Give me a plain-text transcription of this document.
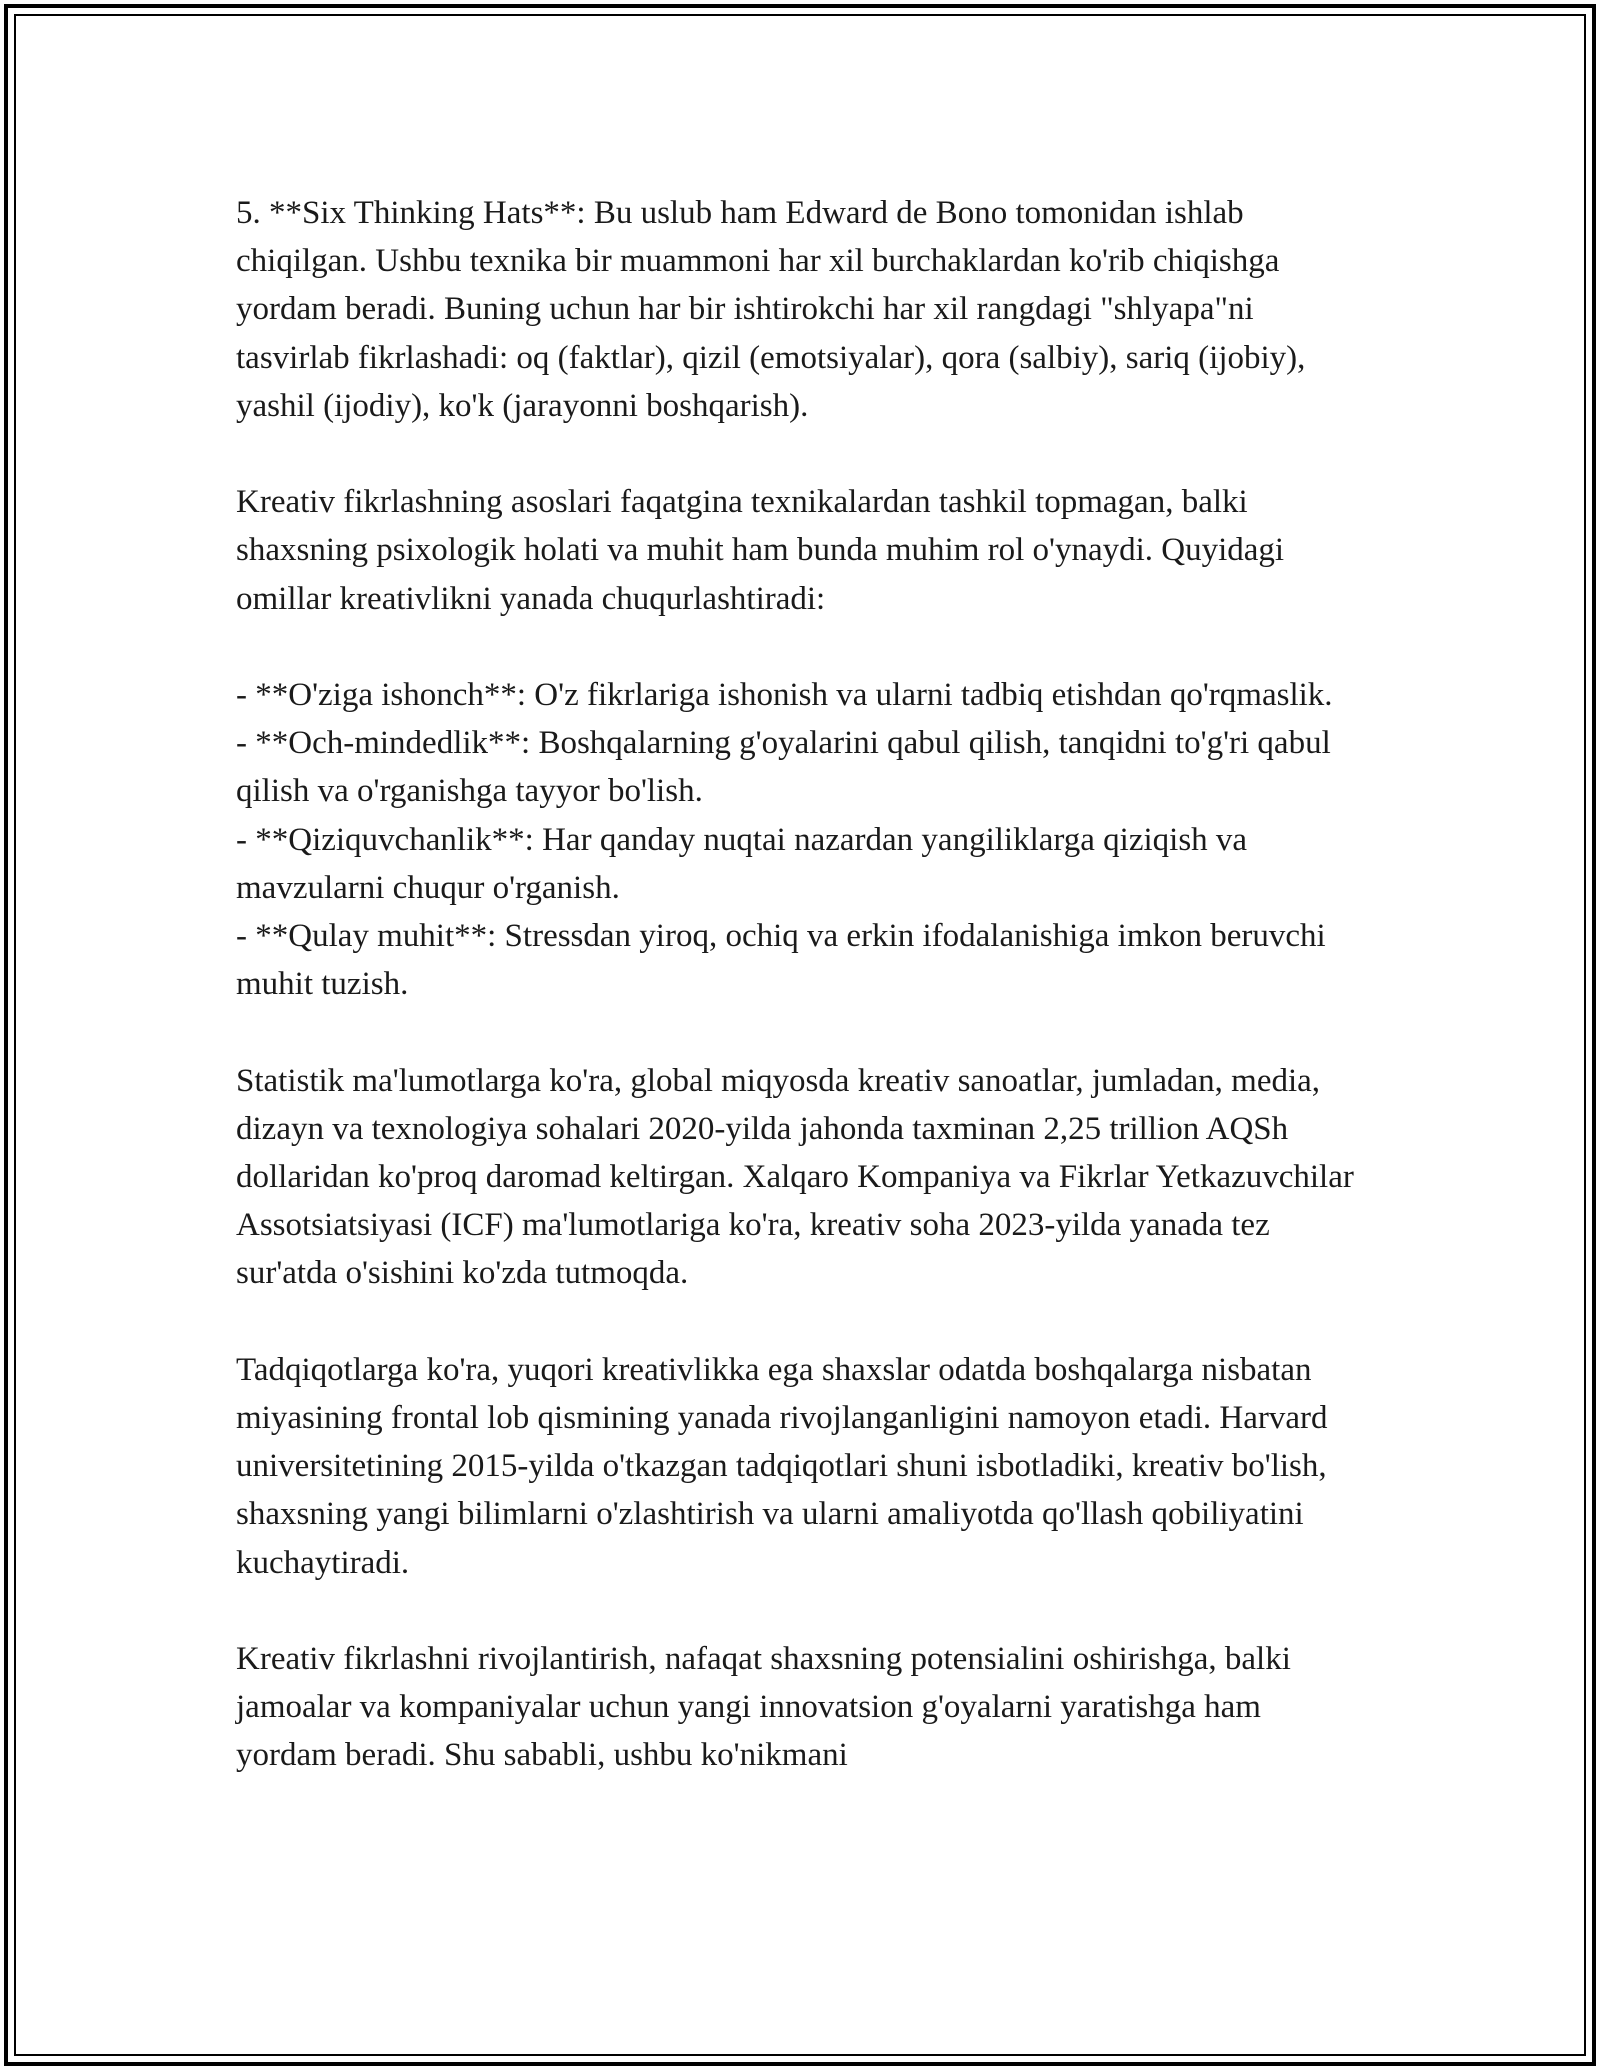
5. **Six Thinking Hats**: Bu uslub ham Edward de Bono tomonidan ishlab chiqilgan. Ushbu texnika bir muammoni har xil burchaklardan ko'rib chiqishga yordam beradi. Buning uchun har bir ishtirokchi har xil rangdagi "shlyapa"ni tasvirlab fikrlashadi: oq (faktlar), qizil (emotsiyalar), qora (salbiy), sariq (ijobiy), yashil (ijodiy), ko'k (jarayonni boshqarish).

Kreativ fikrlashning asoslari faqatgina texnikalardan tashkil topmagan, balki shaxsning psixologik holati va muhit ham bunda muhim rol o'ynaydi. Quyidagi omillar kreativlikni yanada chuqurlashtiradi:

- **O'ziga ishonch**: O'z fikrlariga ishonish va ularni tadbiq etishdan qo'rqmaslik.
- **Och-mindedlik**: Boshqalarning g'oyalarini qabul qilish, tanqidni to'g'ri qabul qilish va o'rganishga tayyor bo'lish.
- **Qiziquvchanlik**: Har qanday nuqtai nazardan yangiliklarga qiziqish va mavzularni chuqur o'rganish.
- **Qulay muhit**: Stressdan yiroq, ochiq va erkin ifodalanishiga imkon beruvchi muhit tuzish.

Statistik ma'lumotlarga ko'ra, global miqyosda kreativ sanoatlar, jumladan, media, dizayn va texnologiya sohalari 2020-yilda jahonda taxminan 2,25 trillion AQSh dollaridan ko'proq daromad keltirgan. Xalqaro Kompaniya va Fikrlar Yetkazuvchilar Assotsiatsiyasi (ICF) ma'lumotlariga ko'ra, kreativ soha 2023-yilda yanada tez sur'atda o'sishini ko'zda tutmoqda.

Tadqiqotlarga ko'ra, yuqori kreativlikka ega shaxslar odatda boshqalarga nisbatan miyasining frontal lob qismining yanada rivojlanganligini namoyon etadi. Harvard universitetining 2015-yilda o'tkazgan tadqiqotlari shuni isbotladiki, kreativ bo'lish, shaxsning yangi bilimlarni o'zlashtirish va ularni amaliyotda qo'llash qobiliyatini kuchaytiradi.

Kreativ fikrlashni rivojlantirish, nafaqat shaxsning potensialini oshirishga, balki jamoalar va kompaniyalar uchun yangi innovatsion g'oyalarni yaratishga ham yordam beradi. Shu sababli, ushbu ko'nikmani
